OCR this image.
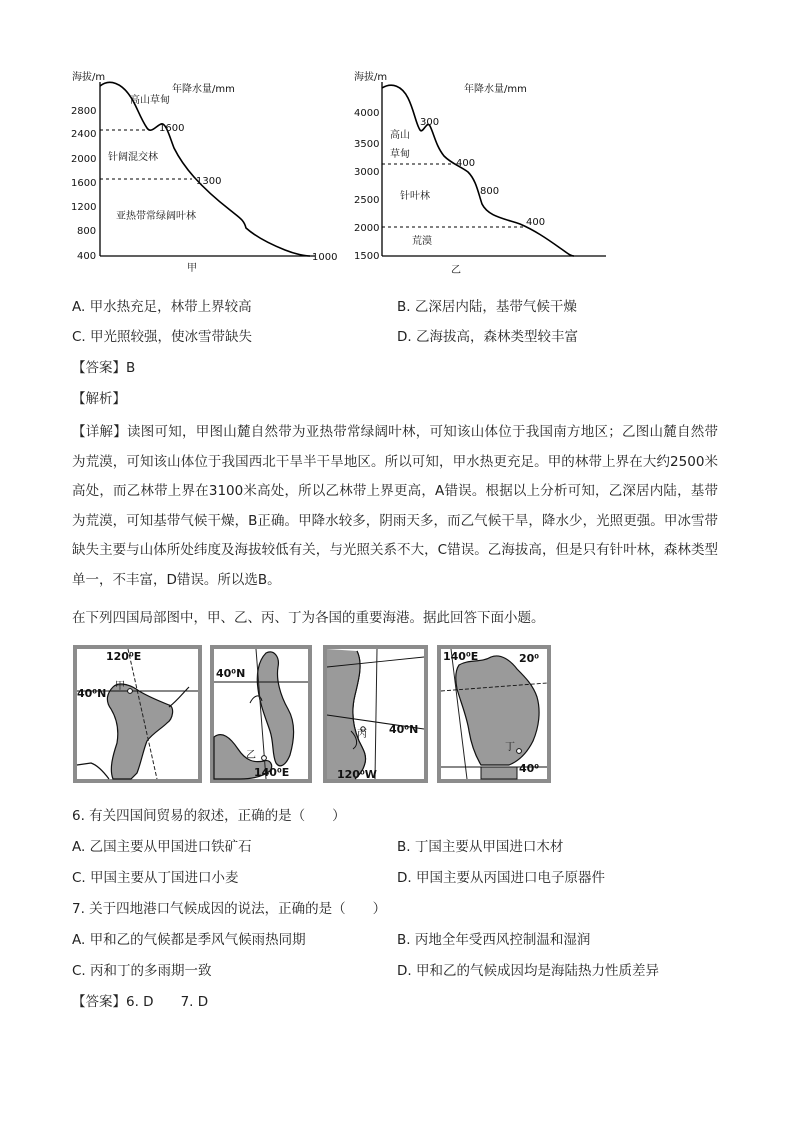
海拔/m
年降水量/mm
2800
2400
2000
1600
1200
800
400
高山草甸
针阔混交林
亚热带常绿阔叶林
1600
1300
1000
甲
海拔/m
年降水量/mm
4000
3500
3000
2500
2000
1500
高山
草甸
针叶林
荒漠
300
400
800
400
乙
A. 甲水热充足，林带上界较高	B. 乙深居内陆，基带气候干燥
C. 甲光照较强，使冰雪带缺失	D. 乙海拔高，森林类型较丰富
【答案】B
【解析】
【详解】读图可知，甲图山麓自然带为亚热带常绿阔叶林，可知该山体位于我国南方地区；乙图山麓自然带为荒漠，可知该山体位于我国西北干旱半干旱地区。所以可知，甲水热更充足。甲的林带上界在大约2500米高处，而乙林带上界在3100米高处，所以乙林带上界更高，A错误。根据以上分析可知，乙深居内陆，基带为荒漠，可知基带气候干燥，B正确。甲降水较多，阴雨天多，而乙气候干旱，降水少，光照更强。甲冰雪带缺失主要与山体所处纬度及海拔较低有关，与光照关系不大，C错误。乙海拔高，但是只有针叶林，森林类型单一，不丰富，D错误。所以选B。
在下列四国局部图中，甲、乙、丙、丁为各国的重要海港。据此回答下面小题。
120⁰E
40⁰N
甲
40⁰N
140⁰E
乙
40⁰N
120⁰W
丙
140⁰E	20⁰
40⁰
丁
6. 有关四国间贸易的叙述，正确的是（　　）
A. 乙国主要从甲国进口铁矿石	B. 丁国主要从甲国进口木材
C. 甲国主要从丁国进口小麦	D. 甲国主要从丙国进口电子原器件
7. 关于四地港口气候成因的说法，正确的是（　　）
A. 甲和乙的气候都是季风气候雨热同期	B. 丙地全年受西风控制温和湿润
C. 丙和丁的多雨期一致	D. 甲和乙的气候成因均是海陆热力性质差异
【答案】6. D　　7. D
